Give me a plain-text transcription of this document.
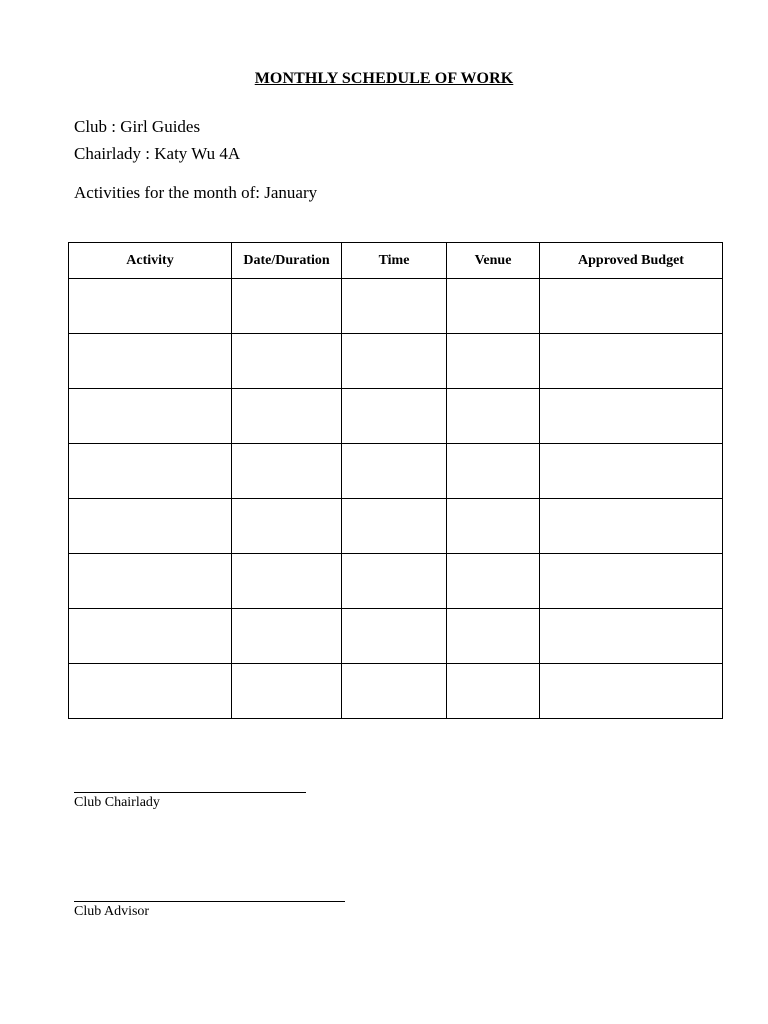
MONTHLY SCHEDULE OF WORK
Club : Girl Guides
Chairlady : Katy Wu 4A
Activities for the month of: January
Activity	Date/Duration	Time	Venue	Approved Budget

Club Chairlady
Club Advisor
